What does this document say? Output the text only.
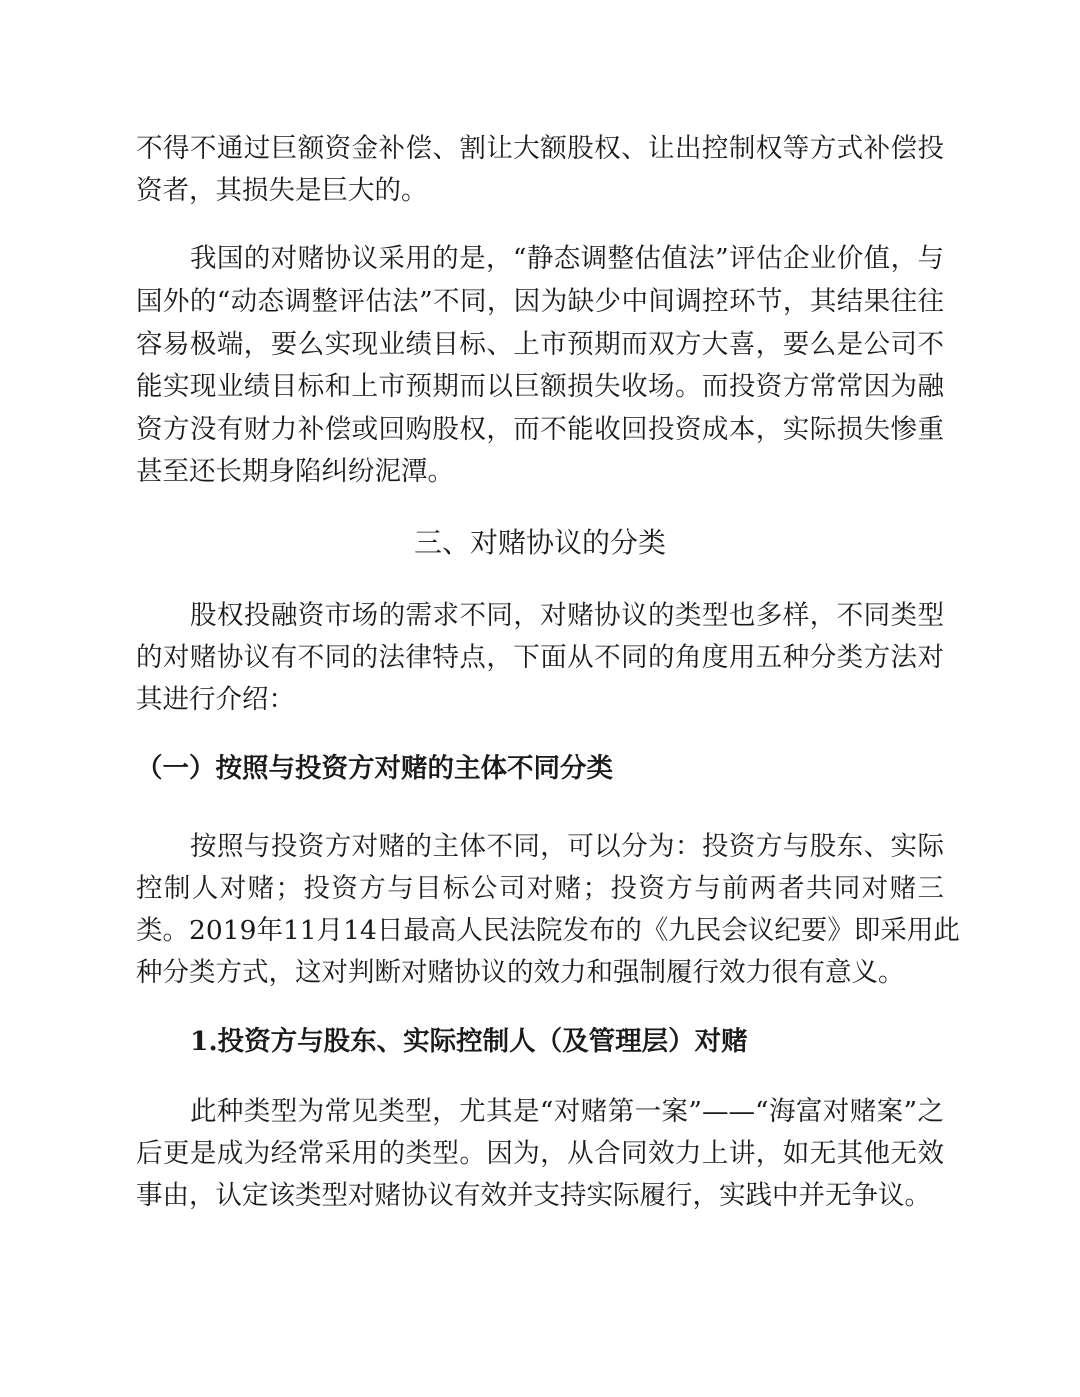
不得不通过巨额资金补偿、割让大额股权、让出控制权等方式补偿投
资者，其损失是巨大的。
我国的对赌协议采用的是，“静态调整估值法”评估企业价值，与
国外的“动态调整评估法”不同，因为缺少中间调控环节，其结果往往
容易极端，要么实现业绩目标、上市预期而双方大喜，要么是公司不
能实现业绩目标和上市预期而以巨额损失收场。而投资方常常因为融
资方没有财力补偿或回购股权，而不能收回投资成本，实际损失惨重
甚至还长期身陷纠纷泥潭。
三、对赌协议的分类
股权投融资市场的需求不同，对赌协议的类型也多样，不同类型
的对赌协议有不同的法律特点，下面从不同的角度用五种分类方法对
其进行介绍：
（一）按照与投资方对赌的主体不同分类
按照与投资方对赌的主体不同，可以分为：投资方与股东、实际
控制人对赌；投资方与目标公司对赌；投资方与前两者共同对赌三
类。2019年11月14日最高人民法院发布的《九民会议纪要》即采用此
种分类方式，这对判断对赌协议的效力和强制履行效力很有意义。
1.投资方与股东、实际控制人（及管理层）对赌
此种类型为常见类型，尤其是“对赌第一案”——“海富对赌案”之
后更是成为经常采用的类型。因为，从合同效力上讲，如无其他无效
事由，认定该类型对赌协议有效并支持实际履行，实践中并无争议。
